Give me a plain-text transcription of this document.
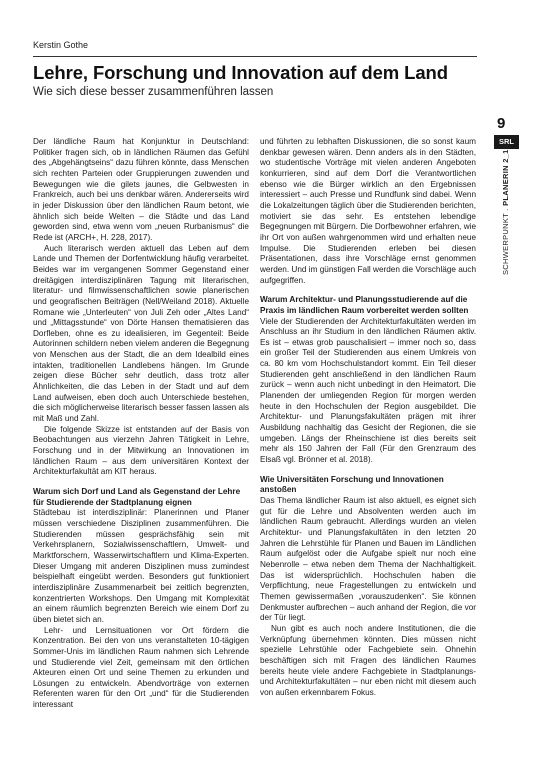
Kerstin Gothe
Lehre, Forschung und Innovation auf dem Land
Wie sich diese besser zusammenführen lassen

Der ländliche Raum hat Konjunktur in Deutschland: Politiker fragen sich, ob in ländlichen Räumen das Gefühl des „Abgehängtseins“ dazu führen könnte, dass Menschen sich rechten Parteien oder Gruppierungen zuwenden und Bewegungen wie die gilets jaunes, die Gelbwesten in Frankreich, auch bei uns denkbar wären. Andererseits wird in jeder Diskussion über den ländlichen Raum betont, wie ähnlich sich beide Welten – die Städte und das Land geworden sind, etwa wenn vom „neuen Rurbanismus“ die Rede ist (ARCH+, H. 228, 2017).

Auch literarisch werden aktuell das Leben auf dem Lande und Themen der Dorfentwicklung häufig verarbeitet. Beides war im vergangenen Sommer Gegenstand einer dreitägigen interdisziplinären Tagung mit literarischen, literatur- und filmwissenschaftlichen sowie planerischen und geografischen Beiträgen (Nell/Weiland 2018). Aktuelle Romane wie „Unterleuten“ von Juli Zeh oder „Altes Land“ und „Mittagsstunde“ von Dörte Hansen thematisieren das Dorfleben, ohne es zu idealisieren, im Gegenteil: Beide Autorinnen schildern neben vielem anderen die Begegnung von Menschen aus der Stadt, die an dem Idealbild eines intakten, traditionellen Landlebens hängen. Im Grunde zeigen diese Bücher sehr deutlich, dass trotz aller Ähnlichkeiten, die das Leben in der Stadt und auf dem Land aufweisen, eben doch auch Unterschiede bestehen, die sich möglicherweise literarisch besser fassen lassen als mit Maß und Zahl.

Die folgende Skizze ist entstanden auf der Basis von Beobachtungen aus vierzehn Jahren Tätigkeit in Lehre, Forschung und in der Mitwirkung an Innovationen im ländlichen Raum – aus dem universitären Kontext der Architekturfakultät am KIT heraus.

Warum sich Dorf und Land als Gegenstand der Lehre für Studierende der Stadtplanung eignen

Städtebau ist interdisziplinär: Planerinnen und Planer müssen verschiedene Disziplinen zusammenführen. Die Studierenden müssen gesprächsfähig sein mit Verkehrsplanern, Sozialwissenschaftlern, Umwelt- und Marktforschern, Wasserwirtschaftlern und Klima-Experten. Dieser Umgang mit anderen Disziplinen muss zumindest beispielhaft eingeübt werden. Besonders gut funktioniert interdisziplinäre Zusammenarbeit bei zeitlich begrenzten, konzentrierten Workshops. Den Umgang mit Komplexität an einem räumlich begrenzten Bereich wie einem Dorf zu üben bietet sich an.

Lehr- und Lernsituationen vor Ort fördern die Konzentration. Bei den von uns veranstalteten 10-tägigen Sommer-Unis im ländlichen Raum nahmen sich Lehrende und Studierende viel Zeit, gemeinsam mit den örtlichen Akteuren einen Ort und seine Themen zu erkunden und Lösungen zu entwickeln. Abendvorträge von externen Referenten waren für den Ort „und“ für die Studierenden interessant

und führten zu lebhaften Diskussionen, die so sonst kaum denkbar gewesen wären. Denn anders als in den Städten, wo studentische Vorträge mit vielen anderen Angeboten konkurrieren, sind auf dem Dorf die Verantwortlichen ebenso wie die Bürger wirklich an den Ergebnissen interessiert – auch Presse und Rundfunk sind dabei. Wenn die Lokalzeitungen täglich über die Studierenden berichten, motiviert sie das sehr. Es entstehen lebendige Begegnungen mit Bürgern. Die Dorfbewohner erfahren, wie ihr Ort von außen wahrgenommen wird und erhalten neue Impulse. Die Studierenden erleben bei diesen Präsentationen, dass ihre Vorschläge ernst genommen werden. Und im günstigen Fall werden die Vorschläge auch aufgegriffen.

Warum Architektur- und Planungsstudierende auf die Praxis im ländlichen Raum vorbereitet werden sollten

Viele der Studierenden der Architekturfakultäten werden im Anschluss an ihr Studium in den ländlichen Räumen aktiv. Es ist – etwas grob pauschalisiert – immer noch so, dass ein großer Teil der Studierenden aus einem Umkreis von ca. 80 km vom Hochschulstandort kommt. Ein Teil dieser Studierenden geht anschließend in den ländlichen Raum zurück – wenn auch nicht unbedingt in den Heimatort. Die Planenden der umliegenden Region für morgen werden heute in den Hochschulen der Region ausgebildet. Die Architektur- und Planungsfakultäten prägen mit ihrer Ausbildung nachhaltig das Gesicht der Regionen, die sie umgeben. Längs der Rheinschiene ist dies bereits seit mehr als 150 Jahren der Fall (Für den Grenzraum des Elsaß vgl. Brönner et al. 2018).

Wie Universitäten Forschung und Innovationen anstoßen

Das Thema ländlicher Raum ist also aktuell, es eignet sich gut für die Lehre und Absolventen werden auch im ländlichen Raum gebraucht. Allerdings wurden an vielen Architektur- und Planungsfakultäten in den letzten 20 Jahren die Lehrstühle für Planen und Bauen im Ländlichen Raum aufgelöst oder die Aufgabe spielt nur noch eine Nebenrolle – etwa neben dem Thema der Nachhaltigkeit. Das ist widersprüchlich. Hochschulen haben die Verpflichtung, neue Fragestellungen zu entwickeln und Themen gewissermaßen „vorauszudenken“. Sie können Denkmuster aufbrechen – auch anhand der Region, die vor der Tür liegt.

Nun gibt es auch noch andere Institutionen, die die Verknüpfung übernehmen könnten. Dies müssen nicht spezielle Lehrstühle oder Fachgebiete sein. Ohnehin beschäftigen sich mit Fragen des ländlichen Raumes bereits heute viele andere Fachgebiete in Stadtplanungs- und Architekturfakultäten – nur eben nicht mit diesem auch von außen erkennbarem Fokus.

9
SRL
SCHWERPUNKT . PLANERIN 2_19
